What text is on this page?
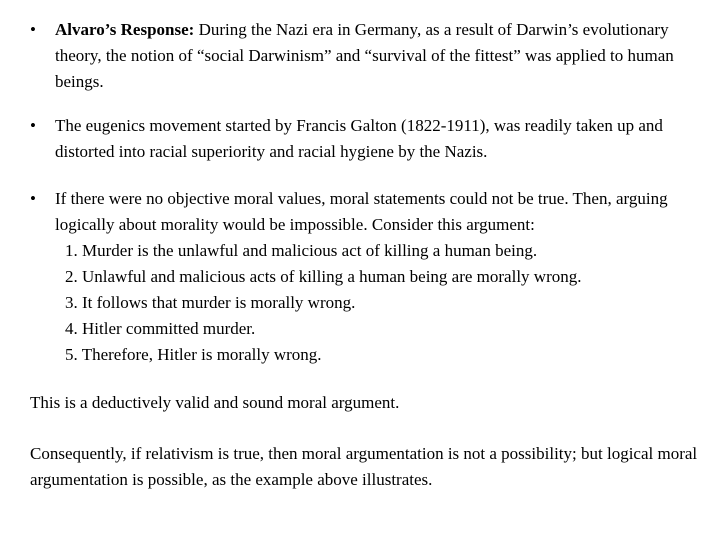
•	Alvaro’s Response: During the Nazi era in Germany, as a result of Darwin’s evolutionary theory, the notion of “social Darwinism” and “survival of the fittest” was applied to human beings.
•	The eugenics movement started by Francis Galton (1822-1911), was readily taken up and distorted into racial superiority and racial hygiene by the Nazis.
•	If there were no objective moral values, moral statements could not be true. Then, arguing logically about morality would be impossible. Consider this argument:
1. Murder is the unlawful and malicious act of killing a human being.
2. Unlawful and malicious acts of killing a human being are morally wrong.
3. It follows that murder is morally wrong.
4. Hitler committed murder.
5. Therefore, Hitler is morally wrong.
This is a deductively valid and sound moral argument.
Consequently, if relativism is true, then moral argumentation is not a possibility; but logical moral argumentation is possible, as the example above illustrates.
